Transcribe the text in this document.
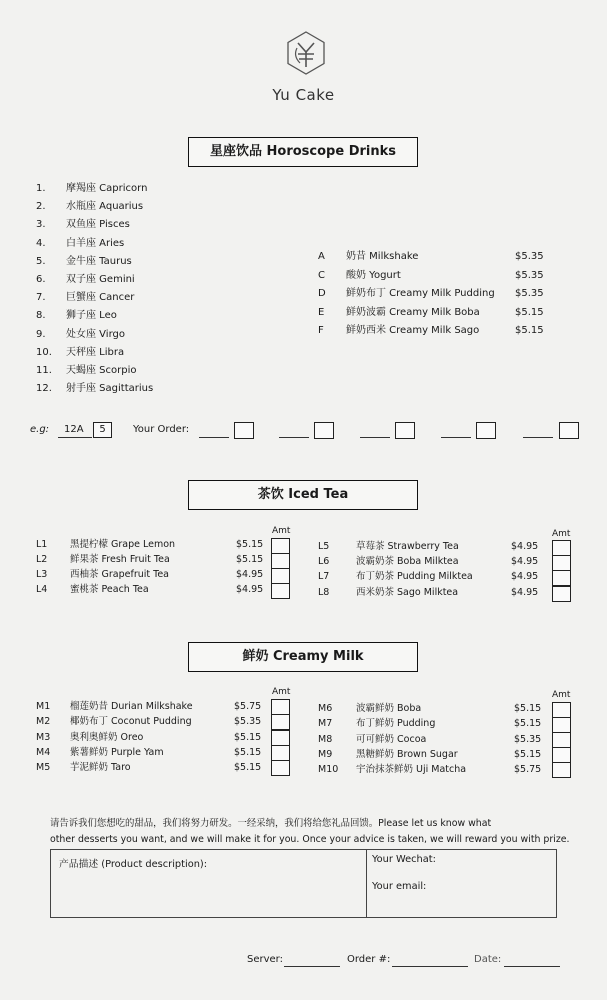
Yu Cake
星座饮品 Horoscope Drinks
1. 摩羯座 Capricorn
2. 水瓶座 Aquarius
3. 双鱼座 Pisces
4. 白羊座 Aries
5. 金牛座 Taurus
6. 双子座 Gemini
7. 巨蟹座 Cancer
8. 狮子座 Leo
9. 处女座 Virgo
10. 天秤座 Libra
11. 天蝎座 Scorpio
12. 射手座 Sagittarius
A 奶昔 Milkshake	$5.35
C 酸奶 Yogurt	$5.35
D 鲜奶布丁 Creamy Milk Pudding $5.35
E 鲜奶波霸 Creamy Milk Boba	$5.15
F 鲜奶西米 Creamy Milk Sago	$5.15
e.g: 12A	5	Your Order:
茶饮 Iced Tea
Amt	Amt
L1 黑提柠檬 Grape Lemon	$5.15
L2 鲜果茶 Fresh Fruit Tea	$5.15
L3 西柚茶 Grapefruit Tea	$4.95
L4 蜜桃茶 Peach Tea	$4.95
L5	草莓茶 Strawberry Tea	$4.95
L6	波霸奶茶 Boba Milktea	$4.95
L7	布丁奶茶 Pudding Milktea	$4.95
L8	西米奶茶 Sago Milktea	$4.95
鲜奶 Creamy Milk
Amt	Amt
M1 榴莲奶昔 Durian Milkshake	$5.75
M2 椰奶布丁 Coconut Pudding	$5.35
M3 奥利奥鲜奶 Oreo	$5.15
M4 紫薯鲜奶 Purple Yam	$5.15
M5 芋泥鲜奶 Taro	$5.15
M6	波霸鲜奶 Boba	$5.15
M7	布丁鲜奶 Pudding	$5.15
M8	可可鲜奶 Cocoa	$5.35
M9	黑糖鲜奶 Brown Sugar	$5.15
M10 宇治抹茶鲜奶 Uji Matcha	$5.75
请告诉我们您想吃的甜品，我们将努力研发。一经采纳，我们将给您礼品回馈。Please let us know what
other desserts you want, and we will make it for you. Once your advice is taken, we will reward you with prize.
产品描述 (Product description):	Your Wechat:
Your email:
Server:	Order #:	Date:
